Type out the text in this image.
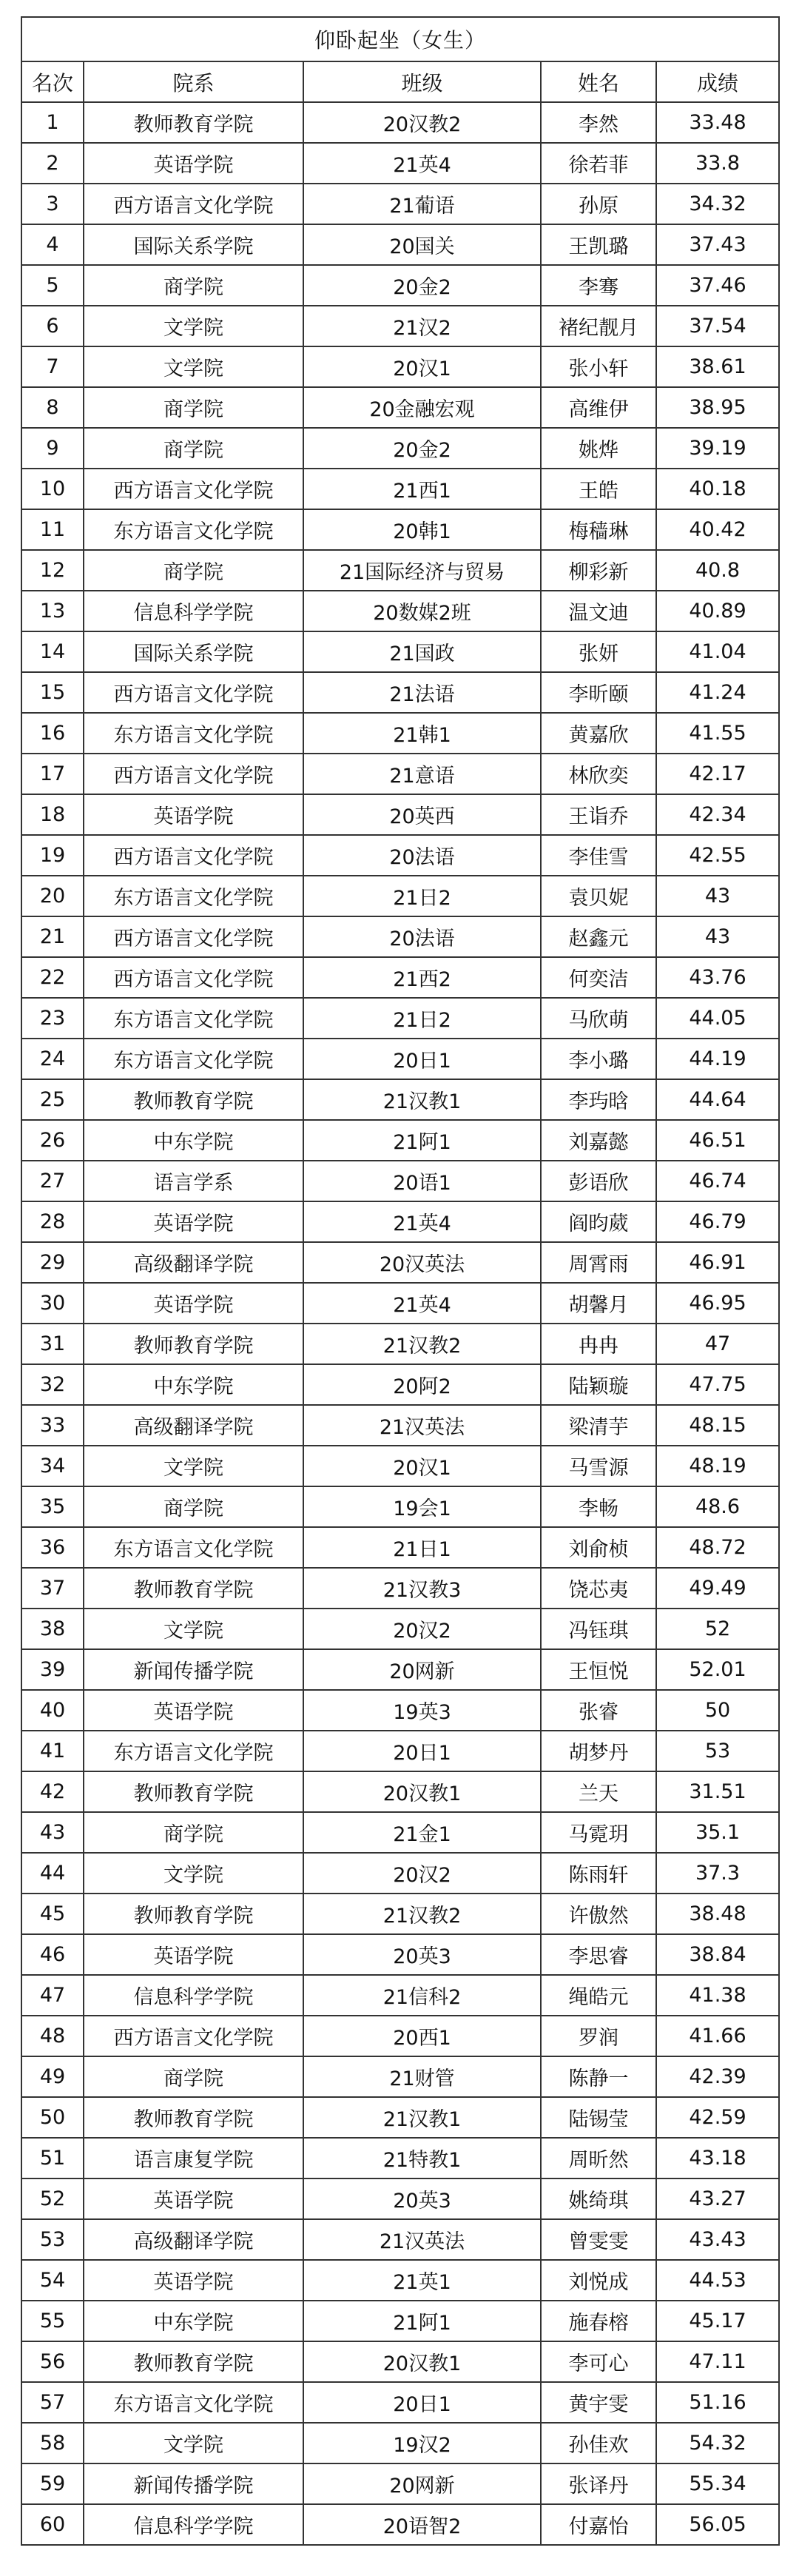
仰卧起坐（女生）				
名次	院系	班级	姓名	成绩
1	教师教育学院	20汉教2	李然	33.48
2	英语学院	21英4	徐若菲	33.8
3	西方语言文化学院	21葡语	孙原	34.32
4	国际关系学院	20国关	王凯璐	37.43
5	商学院	20金2	李骞	37.46
6	文学院	21汉2	褚纪靓月	37.54
7	文学院	20汉1	张小轩	38.61
8	商学院	20金融宏观	高维伊	38.95
9	商学院	20金2	姚烨	39.19
10	西方语言文化学院	21西1	王皓	40.18
11	东方语言文化学院	20韩1	梅穑琳	40.42
12	商学院	21国际经济与贸易	柳彩新	40.8
13	信息科学学院	20数媒2班	温文迪	40.89
14	国际关系学院	21国政	张妍	41.04
15	西方语言文化学院	21法语	李昕颐	41.24
16	东方语言文化学院	21韩1	黄嘉欣	41.55
17	西方语言文化学院	21意语	林欣奕	42.17
18	英语学院	20英西	王诣乔	42.34
19	西方语言文化学院	20法语	李佳雪	42.55
20	东方语言文化学院	21日2	袁贝妮	43
21	西方语言文化学院	20法语	赵鑫元	43
22	西方语言文化学院	21西2	何奕洁	43.76
23	东方语言文化学院	21日2	马欣萌	44.05
24	东方语言文化学院	20日1	李小璐	44.19
25	教师教育学院	21汉教1	李玙晗	44.64
26	中东学院	21阿1	刘嘉懿	46.51
27	语言学系	20语1	彭语欣	46.74
28	英语学院	21英4	阎昀葳	46.79
29	高级翻译学院	20汉英法	周霄雨	46.91
30	英语学院	21英4	胡馨月	46.95
31	教师教育学院	21汉教2	冉冉	47
32	中东学院	20阿2	陆颖璇	47.75
33	高级翻译学院	21汉英法	梁清芋	48.15
34	文学院	20汉1	马雪源	48.19
35	商学院	19会1	李畅	48.6
36	东方语言文化学院	21日1	刘俞桢	48.72
37	教师教育学院	21汉教3	饶芯夷	49.49
38	文学院	20汉2	冯钰琪	52
39	新闻传播学院	20网新	王恒悦	52.01
40	英语学院	19英3	张睿	50
41	东方语言文化学院	20日1	胡梦丹	53
42	教师教育学院	20汉教1	兰天	31.51
43	商学院	21金1	马霓玥	35.1
44	文学院	20汉2	陈雨轩	37.3
45	教师教育学院	21汉教2	许傲然	38.48
46	英语学院	20英3	李思睿	38.84
47	信息科学学院	21信科2	绳皓元	41.38
48	西方语言文化学院	20西1	罗润	41.66
49	商学院	21财管	陈静一	42.39
50	教师教育学院	21汉教1	陆锡莹	42.59
51	语言康复学院	21特教1	周昕然	43.18
52	英语学院	20英3	姚绮琪	43.27
53	高级翻译学院	21汉英法	曾雯雯	43.43
54	英语学院	21英1	刘悦成	44.53
55	中东学院	21阿1	施春榕	45.17
56	教师教育学院	20汉教1	李可心	47.11
57	东方语言文化学院	20日1	黄宇雯	51.16
58	文学院	19汉2	孙佳欢	54.32
59	新闻传播学院	20网新	张译丹	55.34
60	信息科学学院	20语智2	付嘉怡	56.05
